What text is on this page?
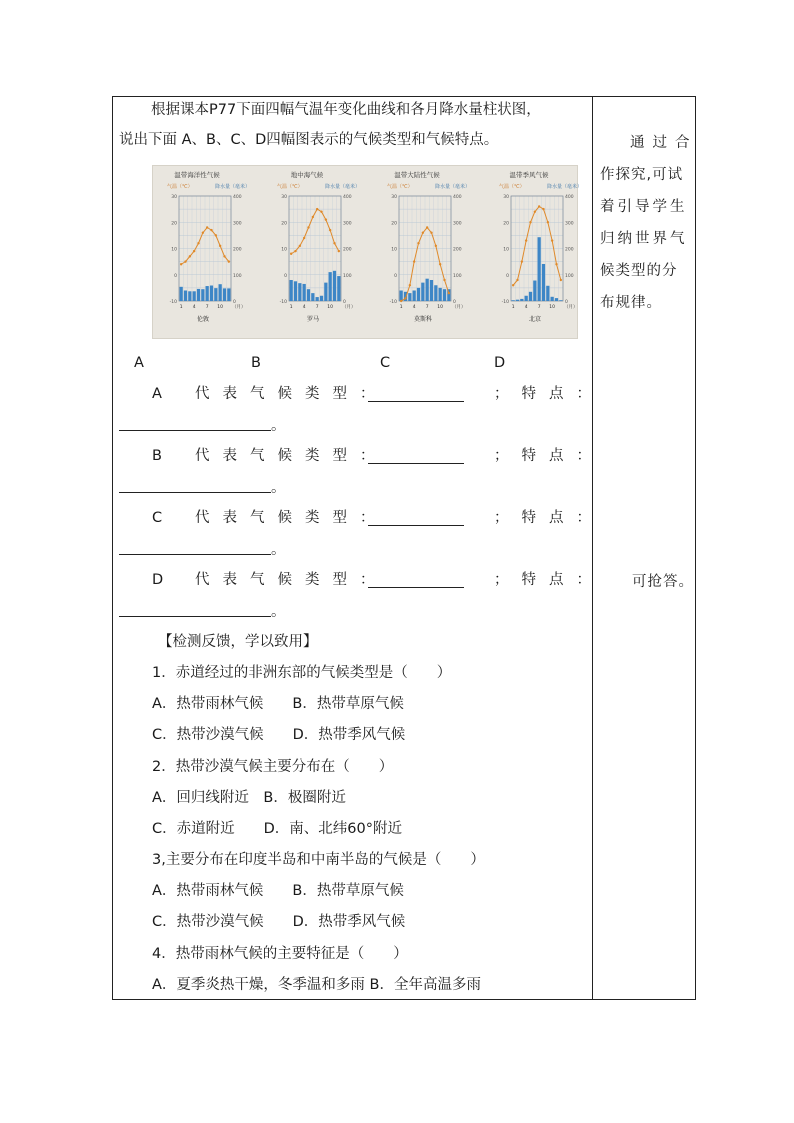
根据课本P77下面四幅气温年变化曲线和各月降水量柱状图，
说出下面 A、B、C、D四幅图表示的气候类型和气候特点。
温带海洋性气候
气温（℃）	降水量（毫米）
30
20
10
0
-10
400
300
200
100
0
1 4 7 10 （月）
伦敦
地中海气候
气温（℃）	降水量（毫米）
30
20
10
0
-10
400
300
200
100
0
1 4 7 10 （月）
罗马
温带大陆性气候
气温（℃）	降水量（毫米）
30
20
10
0
-10
400
300
200
100
0
1 4 7 10 （月）
莫斯科
温带季风气候
气温（℃）	降水量（毫米）
30
20
10
0
-10
400
300
200
100
0
1 4 7 10 （月）
北京
A	B	C	D
A 代表气候类型：	；特点：
。
B 代表气候类型：	；特点：
。
C 代表气候类型：	；特点：
。
D 代表气候类型：	；特点：
。
【检测反馈，学以致用】
1．赤道经过的非洲东部的气候类型是（　　）
A．热带雨林气候　　B．热带草原气候
C．热带沙漠气候　　D．热带季风气候
2．热带沙漠气候主要分布在（　　）
A．回归线附近　B．极圈附近
C．赤道附近　　D．南、北纬60°附近
3,主要分布在印度半岛和中南半岛的气候是（　　）
A．热带雨林气候　　B．热带草原气候
C．热带沙漠气候　　D．热带季风气候
4．热带雨林气候的主要特征是（　　）
A．夏季炎热干燥，冬季温和多雨 B．全年高温多雨
通过合
作探究,可试
着引导学生
归纳世界气
候类型的分
布规律。
可抢答。
